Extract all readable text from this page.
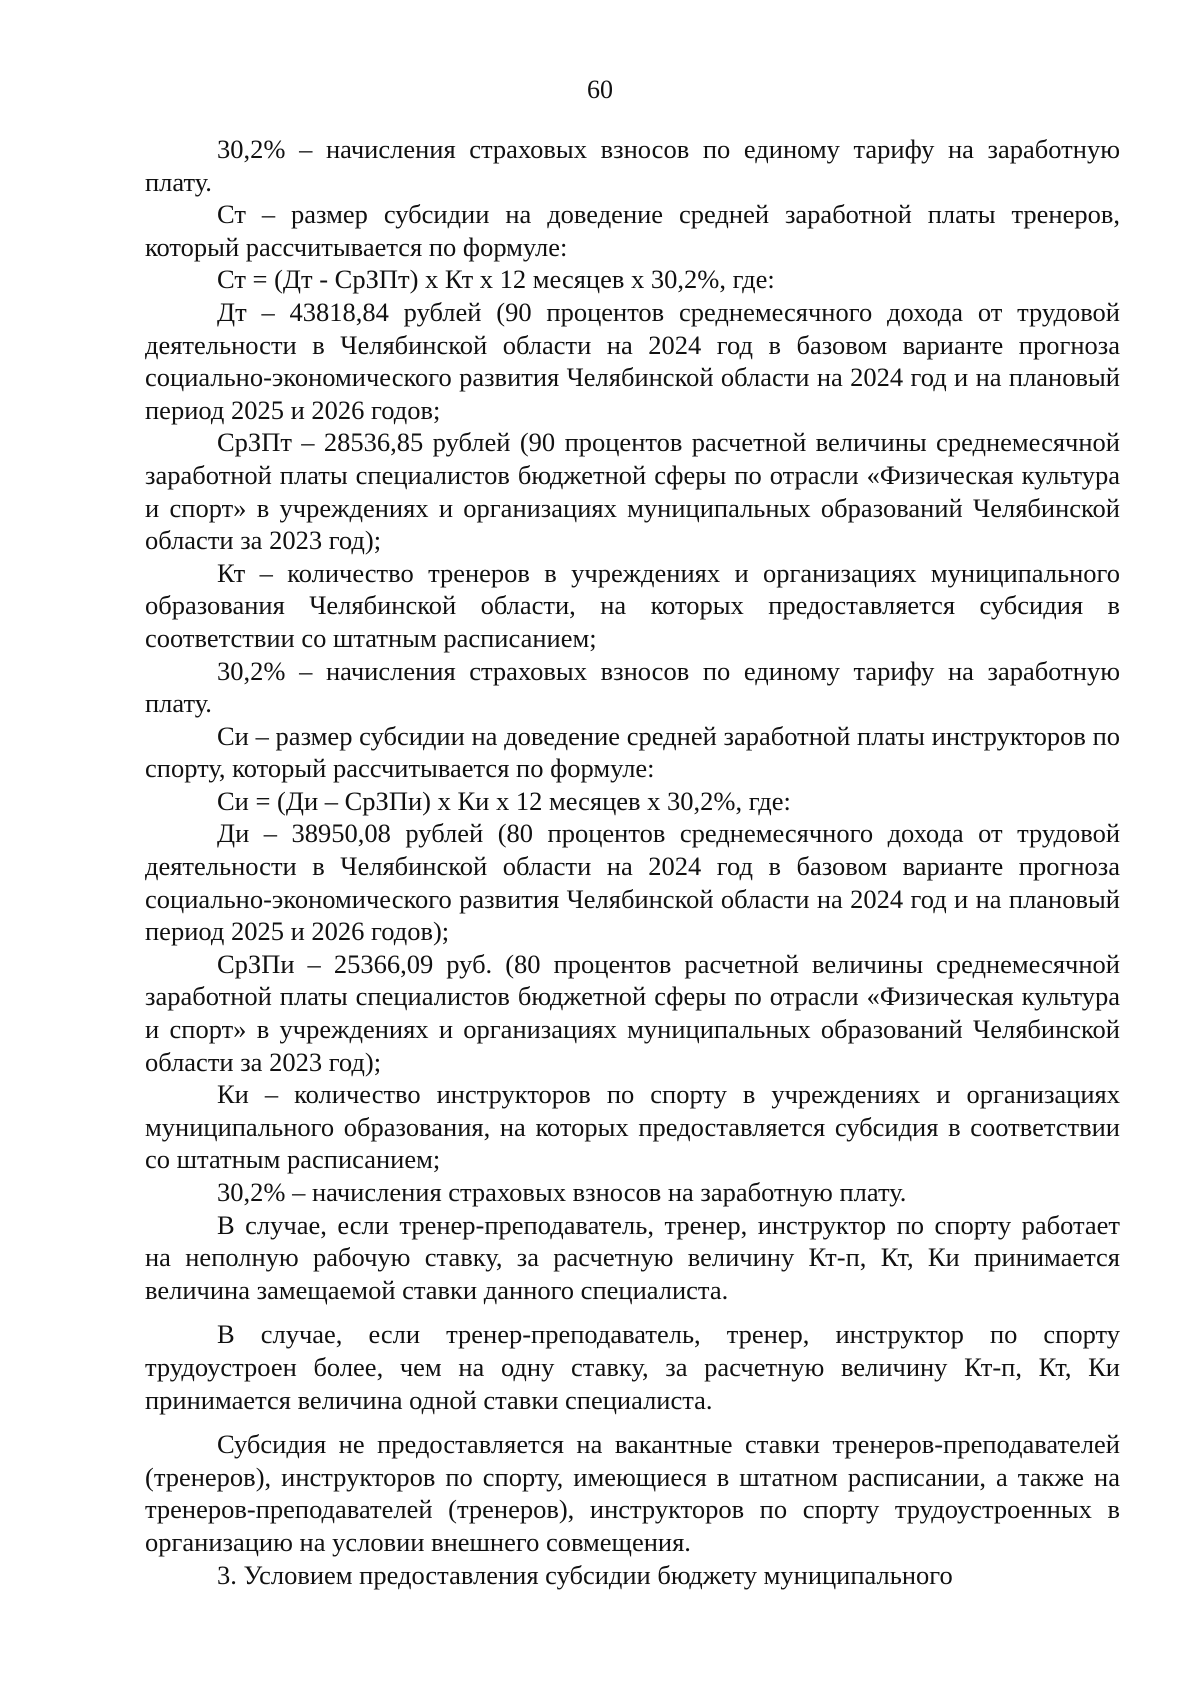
60

30,2% – начисления страховых взносов по единому тарифу на заработную плату.

Ст – размер субсидии на доведение средней заработной платы тренеров, который рассчитывается по формуле:

Ст = (Дт - СрЗПт) х Кт х 12 месяцев х 30,2%, где:

Дт – 43818,84 рублей (90 процентов среднемесячного дохода от трудовой деятельности в Челябинской области на 2024 год в базовом варианте прогноза социально-экономического развития Челябинской области на 2024 год и на плановый период 2025 и 2026 годов;

СрЗПт – 28536,85 рублей (90 процентов расчетной величины среднемесячной заработной платы специалистов бюджетной сферы по отрасли «Физическая культура и спорт» в учреждениях и организациях муниципальных образований Челябинской области за 2023 год);

Кт – количество тренеров в учреждениях и организациях муниципального образования Челябинской области, на которых предоставляется субсидия в соответствии со штатным расписанием;

30,2% – начисления страховых взносов по единому тарифу на заработную плату.

Си – размер субсидии на доведение средней заработной платы инструкторов по спорту, который рассчитывается по формуле:

Си = (Ди – СрЗПи) х Ки х 12 месяцев х 30,2%, где:

Ди – 38950,08 рублей (80 процентов среднемесячного дохода от трудовой деятельности в Челябинской области на 2024 год в базовом варианте прогноза социально-экономического развития Челябинской области на 2024 год и на плановый период 2025 и 2026 годов);

СрЗПи – 25366,09 руб. (80 процентов расчетной величины среднемесячной заработной платы специалистов бюджетной сферы по отрасли «Физическая культура и спорт» в учреждениях и организациях муниципальных образований Челябинской области за 2023 год);

Ки – количество инструкторов по спорту в учреждениях и организациях муниципального образования, на которых предоставляется субсидия в соответствии со штатным расписанием;

30,2% – начисления страховых взносов на заработную плату.

В случае, если тренер-преподаватель, тренер, инструктор по спорту работает на неполную рабочую ставку, за расчетную величину Кт-п, Кт, Ки принимается величина замещаемой ставки данного специалиста.

В случае, если тренер-преподаватель, тренер, инструктор по спорту трудоустроен более, чем на одну ставку, за расчетную величину Кт-п, Кт, Ки принимается величина одной ставки специалиста.

Субсидия не предоставляется на вакантные ставки тренеров-преподавателей (тренеров), инструкторов по спорту, имеющиеся в штатном расписании, а также на тренеров-преподавателей (тренеров), инструкторов по спорту трудоустроенных в организацию на условии внешнего совмещения.

3. Условием предоставления субсидии бюджету муниципального
